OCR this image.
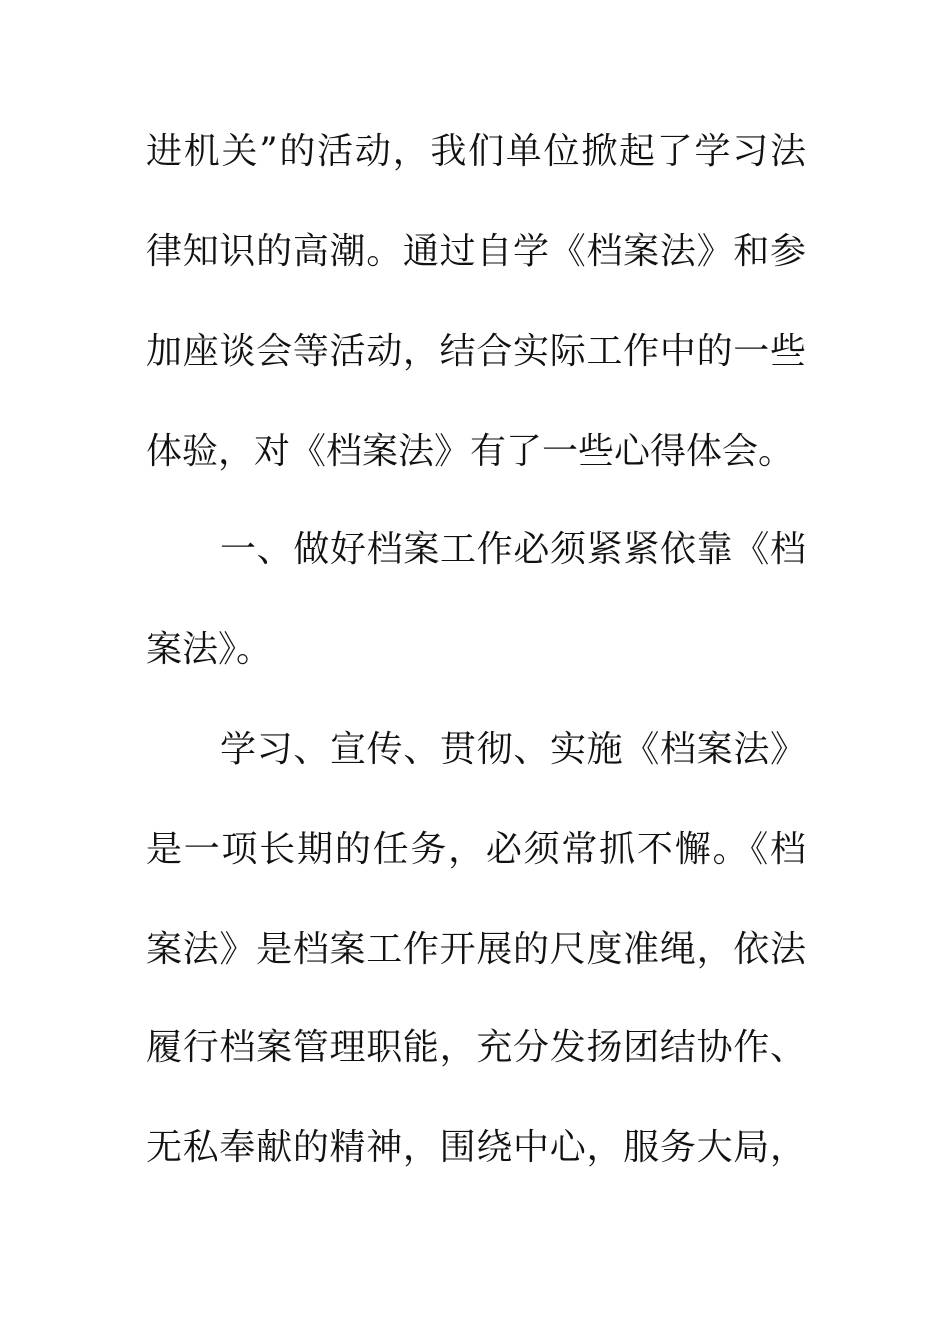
进机关”的活动，我们单位掀起了学习法
律知识的高潮。通过自学《档案法》和参
加座谈会等活动，结合实际工作中的一些
体验，对《档案法》有了一些心得体会。
一、做好档案工作必须紧紧依靠《档
案法》。
学习、宣传、贯彻、实施《档案法》
是一项长期的任务，必须常抓不懈。《档
案法》是档案工作开展的尺度准绳，依法
履行档案管理职能，充分发扬团结协作、
无私奉献的精神，围绕中心，服务大局，
